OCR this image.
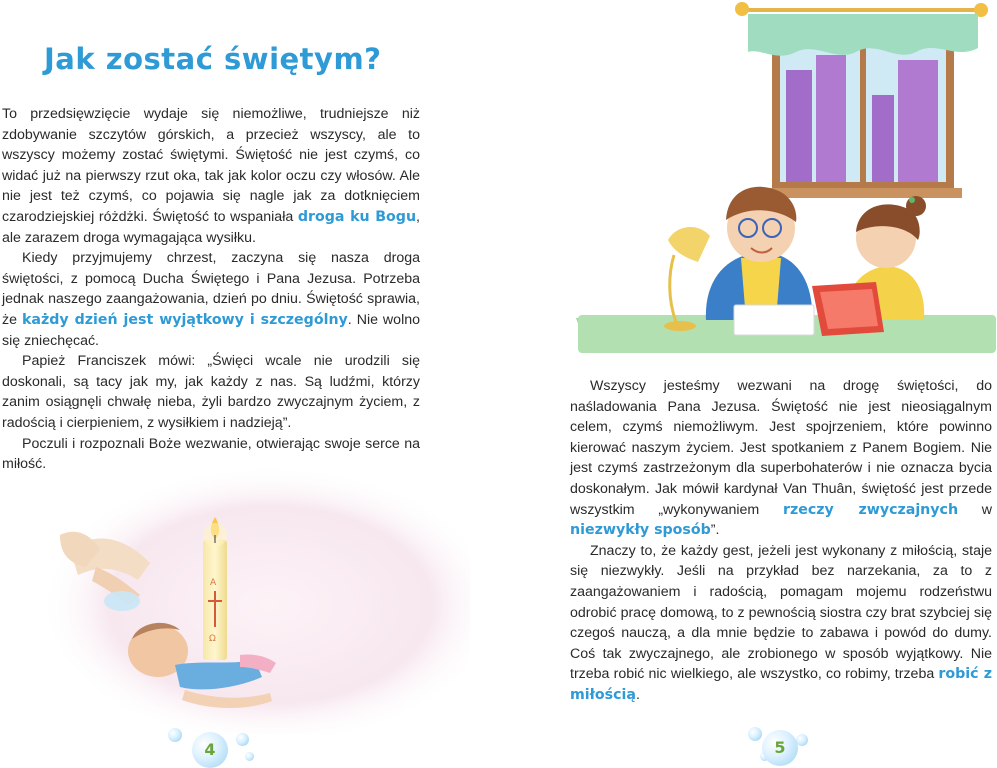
Jak zostać świętym?

To przedsięwzięcie wydaje się niemożliwe, trudniejsze niż zdobywanie szczytów górskich, a przecież wszyscy, ale to wszyscy możemy zostać świętymi. Świętość nie jest czymś, co widać już na pierwszy rzut oka, tak jak kolor oczu czy włosów. Ale nie jest też czymś, co pojawia się nagle jak za dotknięciem czarodziejskiej różdżki. Świętość to wspaniała droga ku Bogu, ale zarazem droga wymagająca wysiłku.

Kiedy przyjmujemy chrzest, zaczyna się nasza droga świętości, z pomocą Ducha Świętego i Pana Jezusa. Potrzeba jednak naszego zaangażowania, dzień po dniu. Świętość sprawia, że każdy dzień jest wyjątkowy i szczególny. Nie wolno się zniechęcać.

Papież Franciszek mówi: „Święci wcale nie urodzili się doskonali, są tacy jak my, jak każdy z nas. Są ludźmi, którzy zanim osiągnęli chwałę nieba, żyli bardzo zwyczajnym życiem, z radością i cierpieniem, z wysiłkiem i nadzieją”.

Poczuli i rozpoznali Boże wezwanie, otwierając swoje serce na miłość.

A
Ω
4

Wszyscy jesteśmy wezwani na drogę świętości, do naśladowania Pana Jezusa. Świętość nie jest nieosiągalnym celem, czymś niemożliwym. Jest spojrzeniem, które powinno kierować naszym życiem. Jest spotkaniem z Panem Bogiem. Nie jest czymś zastrzeżonym dla superbohaterów i nie oznacza bycia doskonałym. Jak mówił kardynał Van Thuân, świętość jest przede wszystkim „wykonywaniem rzeczy zwyczajnych w niezwykły sposób”.

Znaczy to, że każdy gest, jeżeli jest wykonany z miłością, staje się niezwykły. Jeśli na przykład bez narzekania, za to z zaangażowaniem i radością, pomagam mojemu rodzeństwu odrobić pracę domową, to z pewnością siostra czy brat szybciej się czegoś nauczą, a dla mnie będzie to zabawa i powód do dumy. Coś tak zwyczajnego, ale zrobionego w sposób wyjątkowy. Nie trzeba robić nic wielkiego, ale wszystko, co robimy, trzeba robić z miłością.

5
